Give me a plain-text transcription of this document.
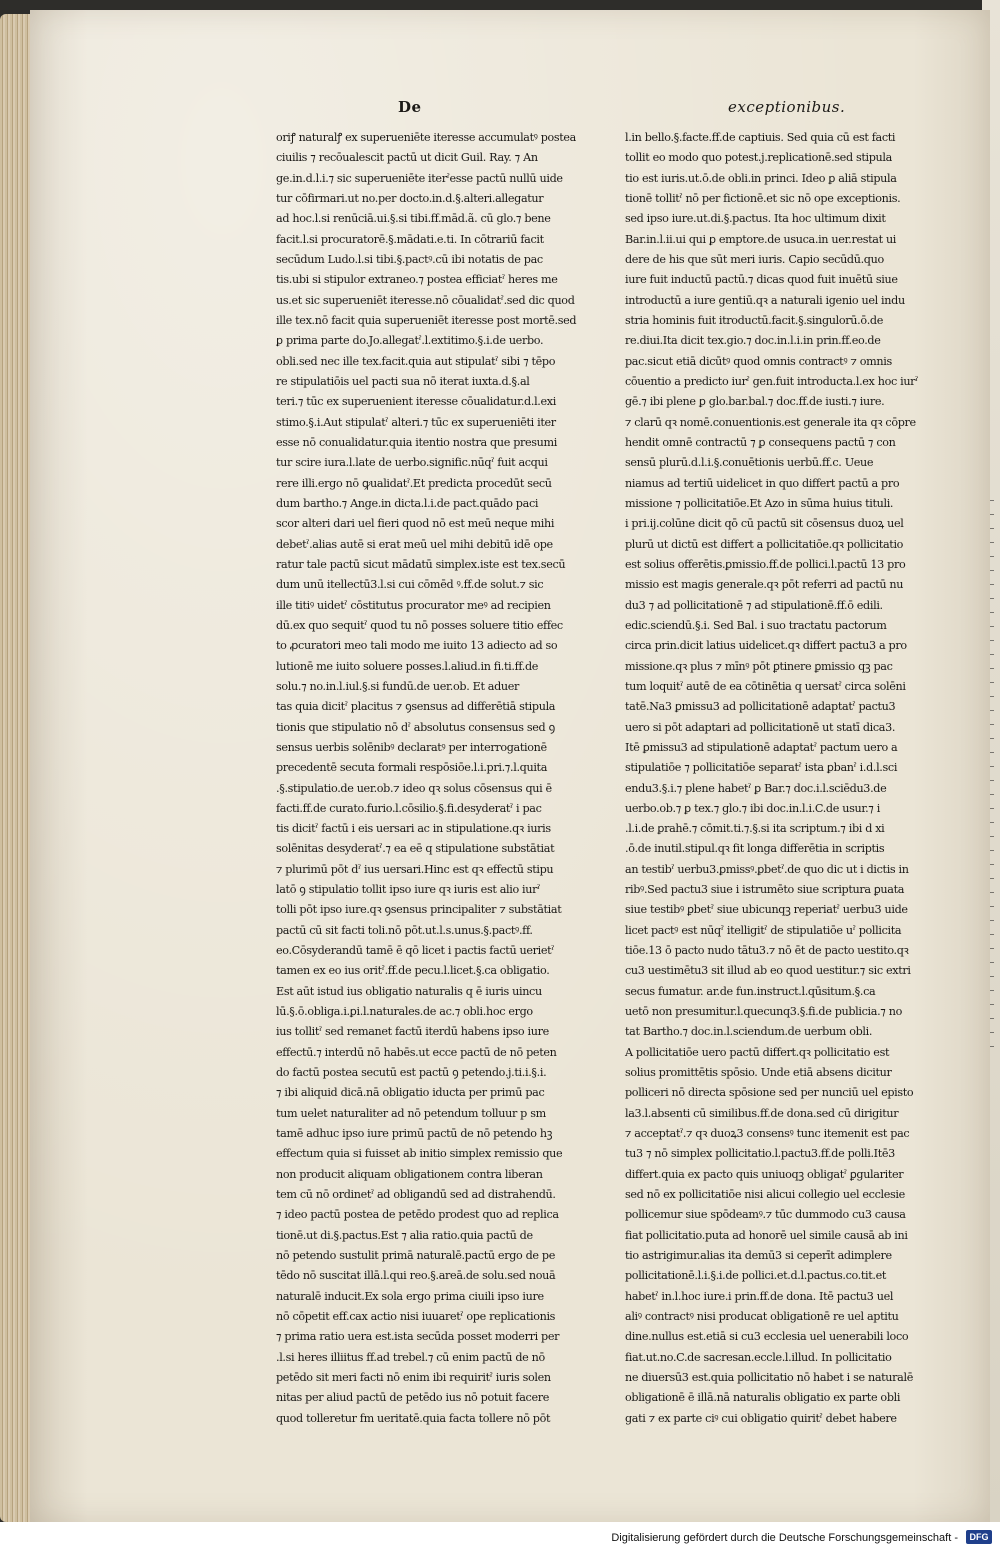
De	exceptionibus.
oriꝭ naturalꝭ ex superueniēte iteresse accumulatꝰ postea
ciuilis ⁊ recōualescit pactū ut dicit Guil. Ray. ⁊ An
ge.in.d.l.i.⁊ sic superueniēte iterˀesse pactū nullū uide
tur cōfirmari.ut no.per docto.in.d.§.alteri.allegatur
ad hoc.l.si renūciā.ui.§.si tibi.ff.mād.ã. cū glo.⁊ bene
facit.l.si procuratorē.§.mādati.e.ti. In cōtrariū facit
secūdum Ludo.l.si tibi.§.pactꝰ.cū ibi notatis de pac
tis.ubi si stipulor extraneo.⁊ postea efficiatˀ heres me
us.et sic superueniēt iteresse.nō cōualidatˀ.sed dic quod
ille tex.nō facit quia superueniēt iteresse post mortē.sed
ꝑ prima parte do.Jo.allegatˀ.l.extitimo.§.i.de uerbo.
obli.sed nec ille tex.facit.quia aut stipulatˀ sibi ⁊ tēpo
re stipulatiōis uel pacti sua nō iterat iuxta.d.§.al
teri.⁊ tūc ex superuenient iteresse cōualidatur.d.l.exi
stimo.§.i.Aut stipulatˀ alteri.⁊ tūc ex superueniēti iter
esse nō conualidatur.quia itentio nostra que presumi
tur scire iura.l.late de uerbo.signific.nūqˀ fuit acqui
rere illi.ergo nō ꝙualidatˀ.Et predicta procedūt secū
dum bartho.⁊ Ange.in dicta.l.i.de pact.quādo paci
scor alteri dari uel fieri quod nō est meū neque mihi
debetˀ.alias autē si erat meū uel mihi debitū idē ope
ratur tale pactū sicut mādatū simplex.iste est tex.secū
dum unū itellectū3.l.si cui cōmēd ꝰ.ff.de solut.⁊ sic
ille titiꝰ uidetˀ cōstitutus procurator meꝰ ad recipien
dū.ex quo sequitˀ quod tu nō posses soluere titio effec
to ꝓcuratori meo tali modo me iuito 13 adiecto ad so
lutionē me iuito soluere posses.l.aliud.in fi.ti.ff.de
solu.⁊ no.in.l.iul.§.si fundū.de uer.ob. Et aduer
tas quia dicitˀ placitus ⁊ ꝯsensus ad differētiā stipula
tionis que stipulatio nō dˀ absolutus consensus sed ꝯ
sensus uerbis solēnibꝰ declaratꝰ per interrogationē
precedentē secuta formali respōsiōe.l.i.pri.⁊.l.quita
.§.stipulatio.de uer.ob.⁊ ideo qꝛ solus cōsensus qui ē
facti.ff.de curato.furio.l.cōsilio.§.fi.desyderatˀ i pac
tis dicitˀ factū i eis uersari ac in stipulatione.qꝛ iuris
solēnitas desyderatˀ.⁊ ea eē q stipulatione substātiat
⁊ plurimū pōt dˀ ius uersari.Hinc est qꝛ effectū stipu
latō ꝯ stipulatio tollit ipso iure qꝛ iuris est alio iurˀ
tolli pōt ipso iure.qꝛ ꝯsensus principaliter ⁊ substātiat
pactū cū sit facti toli.nō pōt.ut.l.s.unus.§.pactꝰ.ff.
eo.Cōsyderandū tamē ē qō licet i pactis factū uerietˀ
tamen ex eo ius oritˀ.ff.de pecu.l.licet.§.ca obligatio.
Est aūt istud ius obligatio naturalis q ē iuris uincu
lū.§.ō.obliga.i.ꝑi.l.naturales.de ac.⁊ obli.hoc ergo
ius tollitˀ sed remanet factū iterdū habens ipso iure
effectū.⁊ interdū nō habēs.ut ecce pactū de nō peten
do factū postea secutū est pactū ꝯ petendo.j.ti.i.§.i.
⁊ ibi aliquid dicā.nā obligatio iducta per primū pac
tum uelet naturaliter ad nō petendum tolluur p sm
tamē adhuc ipso iure primū pactū de nō petendo hꝫ
effectum quia si fuisset ab initio simplex remissio que
non producit aliquam obligationem contra liberan
tem cū nō ordinetˀ ad obligandū sed ad distrahendū.
⁊ ideo pactū postea de petēdo prodest quo ad replica
tionē.ut di.§.pactus.Est ⁊ alia ratio.quia pactū de
nō petendo sustulit primā naturalē.pactū ergo de pe
tēdo nō suscitat illā.l.qui reo.§.areā.de solu.sed nouā
naturalē inducit.Ex sola ergo prima ciuili ipso iure
nō cōpetit eff.cax actio nisi iuuaretˀ ope replicationis
⁊ prima ratio uera est.ista secūda posset moderri per
.l.si heres illiitus ff.ad trebel.⁊ cū enim pactū de nō
petēdo sit meri facti nō enim ibi requiritˀ iuris solen
nitas per aliud pactū de petēdo ius nō potuit facere
quod tolleretur fm ueritatē.quia facta tollere nō pōt
l.in bello.§.facte.ff.de captiuis. Sed quia cū est facti
tollit eo modo quo potest.j.replicationē.sed stipula
tio est iuris.ut.ō.de obli.in princi. Ideo ꝑ aliā stipula
tionē tollitˀ nō per fictionē.et sic nō ope exceptionis.
sed ipso iure.ut.di.§.pactus. Ita hoc ultimum dixit
Bar.in.l.ii.ui qui ꝑ emptore.de usuca.in uer.restat ui
dere de his que sūt meri iuris. Capio secūdū.quo
iure fuit inductū pactū.⁊ dicas quod fuit inuētū siue
introductū a iure gentiū.qꝛ a naturali igenio uel indu
stria hominis fuit itroductū.facit.§.singulorū.ō.de
re.diui.Ita dicit tex.gio.⁊ doc.in.l.i.in prin.ff.eo.de
pac.sicut etiā dicūtꝰ quod omnis contractꝰ ⁊ omnis
cōuentio a predicto iurˀ gen.fuit introducta.l.ex hoc iurˀ
gē.⁊ ibi plene ꝑ glo.bar.bal.⁊ doc.ff.de iusti.⁊ iure.
⁊ clarū qꝛ nomē.conuentionis.est generale ita qꝛ cōpre
hendit omnē contractū ⁊ ꝑ consequens pactū ⁊ con
sensū plurū.d.l.i.§.conuētionis uerbū.ff.c. Ueue
niamus ad tertiū uidelicet in quo differt pactū a pro
missione ⁊ pollicitatiōe.Et Azo in sūma huius tituli.
i pri.ij.colūne dicit qō cū pactū sit cōsensus duoꝝ uel
plurū ut dictū est differt a pollicitatiōe.qꝛ pollicitatio
est solius offerētis.ꝑmissio.ff.de pollici.l.pactū 13 pro
missio est magis generale.qꝛ pōt referri ad pactū nu
du3 ⁊ ad pollicitationē ⁊ ad stipulationē.ff.ō edili.
edic.sciendū.§.i. Sed Bal. i suo tractatu pactorum
circa prin.dicit latius uidelicet.qꝛ differt pactu3 a pro
missione.qꝛ plus ⁊ mīnꝰ pōt ꝑtinere ꝑmissio qꝫ pac
tum loquitˀ autē de ea cōtinētia q uersatˀ circa solēni
tatē.Na3 ꝑmissu3 ad pollicitationē adaptatˀ pactu3
uero si pōt adaptari ad pollicitationē ut statī dica3.
Itē ꝑmissu3 ad stipulationē adaptatˀ pactum uero a
stipulatiōe ⁊ pollicitatiōe separatˀ ista ꝑbanˀ i.d.l.sci
endu3.§.i.⁊ plene habetˀ ꝑ Bar.⁊ doc.i.l.sciēdu3.de
uerbo.ob.⁊ ꝑ tex.⁊ glo.⁊ ibi doc.in.l.i.C.de usur.⁊ i
.l.i.de ꝑrahē.⁊ cōmit.ti.⁊.§.si ita scriptum.⁊ ibi d xi
.ō.de inutil.stipul.qꝛ fit longa differētia in scriptis
an testibˀ uerbu3.ꝑmissꝰ.ꝑbetˀ.de quo dic ut i dictis in
ribꝰ.Sed pactu3 siue i istrumēto siue scriptura ꝑuata
siue testibꝰ ꝑbetˀ siue ubicunqꝫ reperiatˀ uerbu3 uide
licet pactꝰ est nūqˀ itelligitˀ de stipulatiōe uˀ pollicita
tiōe.13 ō pacto nudo tātu3.⁊ nō ēt de pacto uestito.qꝛ
cu3 uestimētu3 sit illud ab eo quod uestitur.⁊ sic extri
secus fumatur. ar.de fun.instruct.l.qūsitum.§.ca
uetō non presumitur.l.quecunq3.§.fi.de publicia.⁊ no
tat Bartho.⁊ doc.in.l.sciendum.de uerbum obli.
A pollicitatiōe uero pactū differt.qꝛ pollicitatio est
solius promittētis spōsio. Unde etiā absens dicitur
polliceri nō directa spōsione sed per nunciū uel episto
la3.l.absenti cū similibus.ff.de dona.sed cū dirigitur
⁊ acceptatˀ.⁊ qꝛ duoꝝ3 consensꝰ tunc itemenit est pac
tu3 ⁊ nō simplex pollicitatio.l.pactu3.ff.de polli.Itē3
differt.quia ex pacto quis uniuoqꝫ obligatˀ ꝑgulariter
sed nō ex pollicitatiōe nisi alicui collegio uel ecclesie
pollicemur siue spōdeamꝰ.⁊ tūc dummodo cu3 causa
fiat pollicitatio.puta ad honorē uel simile causā ab ini
tio astrigimur.alias ita demū3 si ceperīt adimplere
pollicitationē.l.i.§.i.de pollici.et.d.l.pactus.co.tit.et
habetˀ in.l.hoc iure.i prin.ff.de dona. Itē pactu3 uel
aliꝰ contractꝰ nisi producat obligationē re uel aptitu
dine.nullus est.etiā si cu3 ecclesia uel uenerabili loco
fiat.ut.no.C.de sacresan.eccle.l.illud. In pollicitatio
ne diuersū3 est.quia pollicitatio nō habet i se naturalē
obligationē ē illā.nā naturalis obligatio ex parte obli
gati ⁊ ex parte ciꝰ cui obligatio quiritˀ debet habere
Digitalisierung gefördert durch die Deutsche Forschungsgemeinschaft -	DFG
